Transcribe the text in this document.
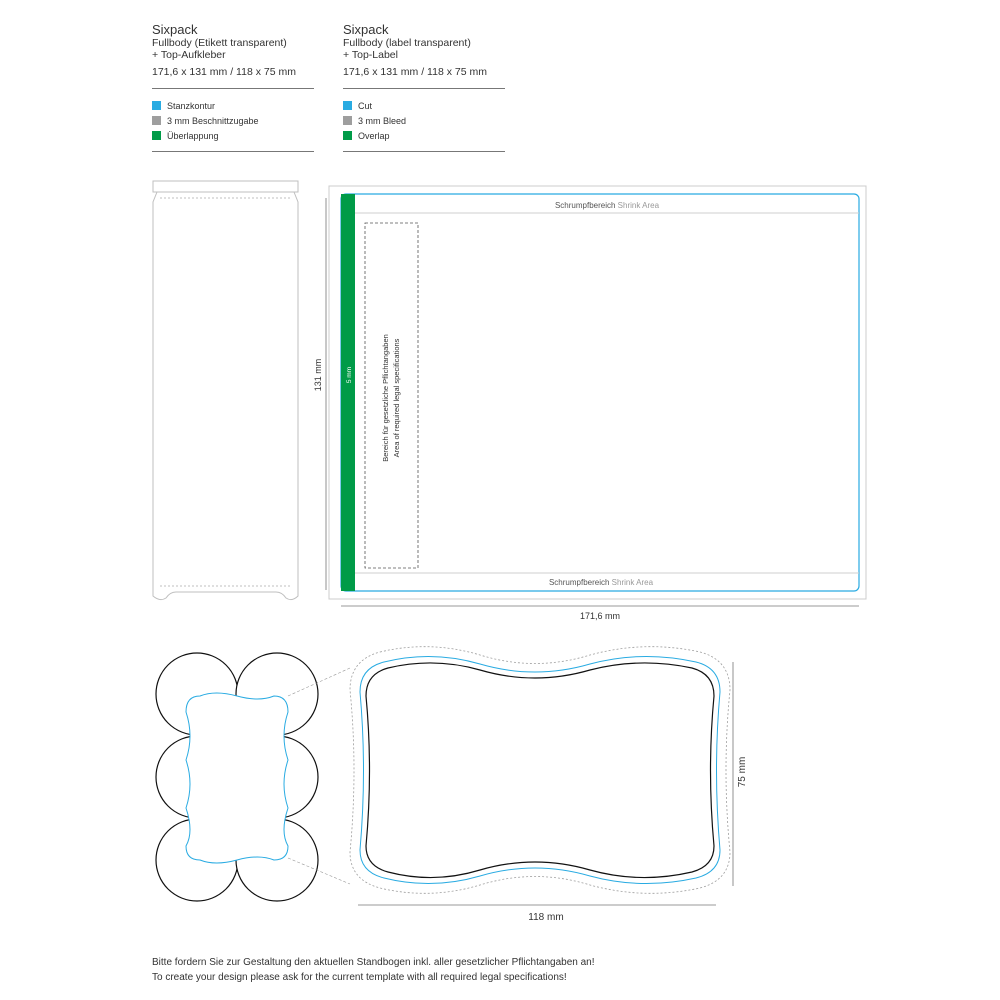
Sixpack
Fullbody (Etikett transparent)
+ Top-Aufkleber
171,6 x 131 mm / 118 x 75 mm
Stanzkontur
3 mm Beschnittzugabe
Überlappung
Sixpack
Fullbody (label transparent)
+ Top-Label
171,6 x 131 mm / 118 x 75 mm
Cut
3 mm Bleed
Overlap
Schrumpfbereich Shrink Area
Schrumpfbereich Shrink Area
5 mm	Bereich für gesetzliche Pflichtangaben Area of required legal specifications
131 mm
171,6 mm
75 mm
118 mm
Bitte fordern Sie zur Gestaltung den aktuellen Standbogen inkl. aller gesetzlicher Pflichtangaben an!
To create your design please ask for the current template with all required legal specifications!
